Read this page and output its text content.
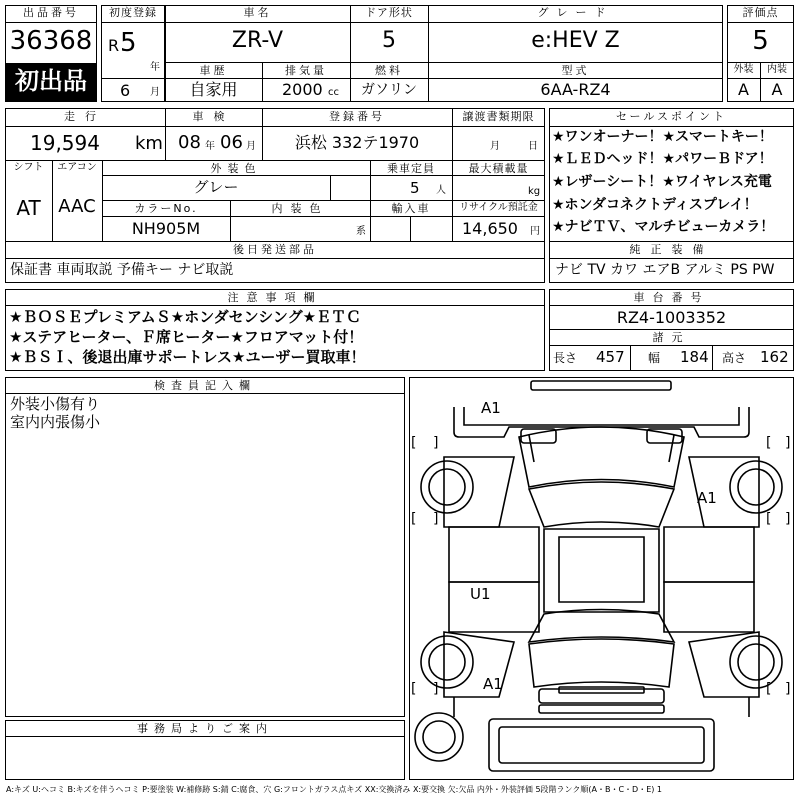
出品番号
36368
初出品
初度登録
R 5
年
6 月
車名
ZR-V
ドア形状
5
グレード
e:HEV Z
車歴
自家用
排気量
2000 cc
燃料
ガソリン
型式
6AA-RZ4
評価点
5
外装	内装
A	A
走行
19,594 km
車検
08 年 06 月
登録番号
浜松 332テ1970
譲渡書類期限
月	日
シフト
AT
エアコン
AAC
外装色
グレー
乗車定員
5 人
最大積載量
kg
カラーNo.
NH905M
内装色
系
輸入車	リサイクル預託金
14,650 円
後日発送部品
保証書 車両取説 予備キー ナビ取説
セールスポイント
★ワンオーナー！★スマートキー！
★ＬＥＤヘッド！★パワーＢドア！
★レザーシート！★ワイヤレス充電
★ホンダコネクトディスプレイ！
★ナビＴＶ、マルチビューカメラ！
純正装備
ナビ TV カワ エアB アルミ PS PW
注意事項欄
★ＢＯＳＥプレミアムＳ★ホンダセンシング★ＥＴＣ
★ステアヒーター、Ｆ席ヒーター★フロアマット付！
★ＢＳＩ、後退出庫サポートレス★ユーザー買取車！
車台番号
RZ4-1003352
諸元
長さ 457 幅 184 高さ 162
検査員記入欄
外装小傷有り
室内内張傷小
事務局よりご案内
[ ]	[ ]
[ ]	[ ]
[ ]	[ ]
A1
A1
U1
A1
A:キズ U:ヘコミ B:キズを伴うヘコミ P:要塗装 W:補修跡 S:錆 C:腐食、穴 G:フロントガラス点キズ XX:交換済み X:要交換 欠:欠品 内外・外装評価 5段階ランク順(A・B・C・D・E) 1
